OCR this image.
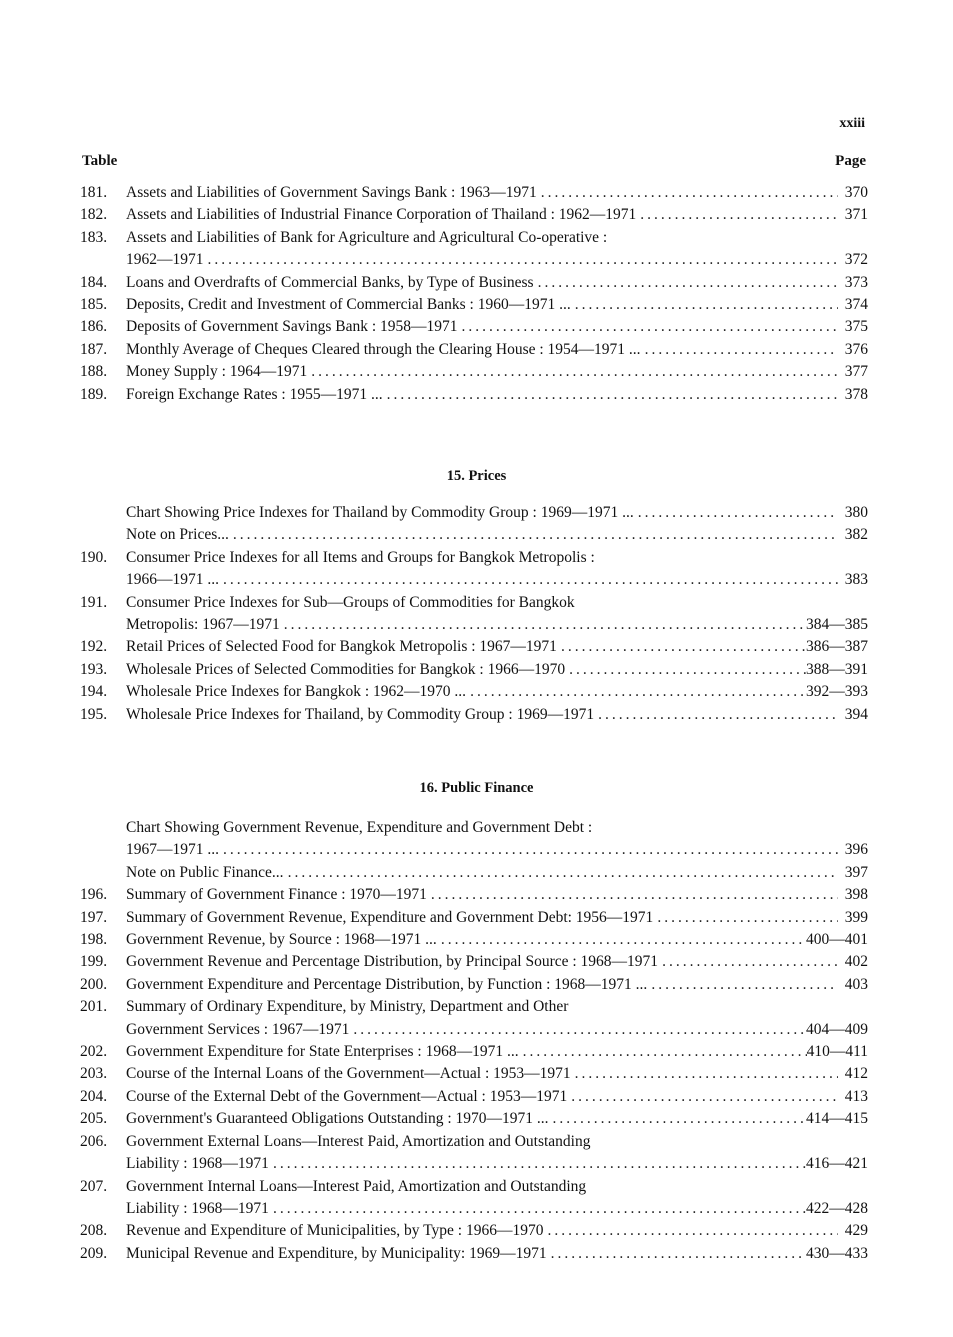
xxiii
Table	Page
181.	Assets and Liabilities of Government Savings Bank : 1963—1971 .....	370
182.	Assets and Liabilities of Industrial Finance Corporation of Thailand : 1962—1971 .....	371
183.	Assets and Liabilities of Bank for Agriculture and Agricultural Co-operative :
1962—1971 .....	372
184.	Loans and Overdrafts of Commercial Banks, by Type of Business .....	373
185.	Deposits, Credit and Investment of Commercial Banks : 1960—1971 ... .....	374
186.	Deposits of Government Savings Bank : 1958—1971 .....	375
187.	Monthly Average of Cheques Cleared through the Clearing House : 1954—1971 ... .....	376
188.	Money Supply : 1964—1971 .....	377
189.	Foreign Exchange Rates : 1955—1971 ... .....	378
15. Prices
Chart Showing Price Indexes for Thailand by Commodity Group : 1969—1971 ... .....	380
Note on Prices... .....	382
190.	Consumer Price Indexes for all Items and Groups for Bangkok Metropolis :
1966—1971 ... .....	383
191.	Consumer Price Indexes for Sub—Groups of Commodities for Bangkok
Metropolis: 1967—1971 .....	384—385
192.	Retail Prices of Selected Food for Bangkok Metropolis : 1967—1971 .....	386—387
193.	Wholesale Prices of Selected Commodities for Bangkok : 1966—1970 .....	388—391
194.	Wholesale Price Indexes for Bangkok : 1962—1970 ... .....	392—393
195.	Wholesale Price Indexes for Thailand, by Commodity Group : 1969—1971 .....	394
16. Public Finance
Chart Showing Government Revenue, Expenditure and Government Debt :
1967—1971 ... .....	396
Note on Public Finance... .....	397
196.	Summary of Government Finance : 1970—1971 .....	398
197.	Summary of Government Revenue, Expenditure and Government Debt: 1956—1971 .....	399
198.	Government Revenue, by Source : 1968—1971 ... .....	400—401
199.	Government Revenue and Percentage Distribution, by Principal Source : 1968—1971 .....	402
200.	Government Expenditure and Percentage Distribution, by Function : 1968—1971 ... .....	403
201.	Summary of Ordinary Expenditure, by Ministry, Department and Other
Government Services : 1967—1971 .....	404—409
202.	Government Expenditure for State Enterprises : 1968—1971 ... .....	410—411
203.	Course of the Internal Loans of the Government—Actual : 1953—1971 .....	412
204.	Course of the External Debt of the Government—Actual : 1953—1971 .....	413
205.	Government's Guaranteed Obligations Outstanding : 1970—1971 ... .....	414—415
206.	Government External Loans—Interest Paid, Amortization and Outstanding
Liability : 1968—1971 .....	416—421
207.	Government Internal Loans—Interest Paid, Amortization and Outstanding
Liability : 1968—1971 .....	422—428
208.	Revenue and Expenditure of Municipalities, by Type : 1966—1970 .....	429
209.	Municipal Revenue and Expenditure, by Municipality: 1969—1971 .....	430—433
